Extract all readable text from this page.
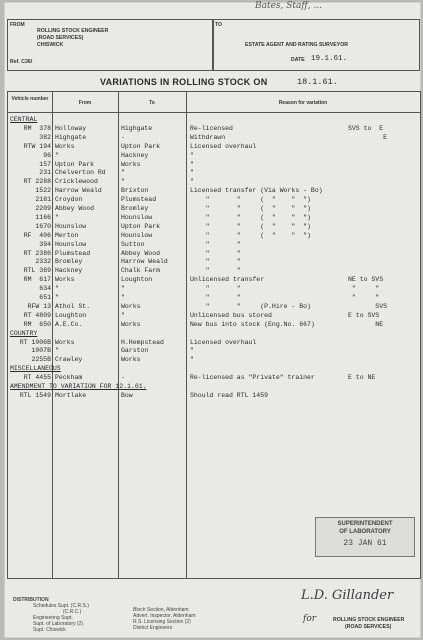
Bates, Staff, ...
FROM
ROLLING STOCK ENGINEER
(ROAD SERVICES)
CHISWICK
Ref. C36/
TO
ESTATE AGENT AND RATING SURVEYOR
DATE 19.1.61.
VARIATIONS IN ROLLING STOCK ON	18.1.61.
Vehicle number
From	To	Reason for variation
CENTRAL
RM  378 Holloway	Highgate	Re-licensed	SVS to  E
382 Highgate	-	Withdrawn	E
RTW 194 Works	Upton Park	Licensed overhaul
96 "	Hackney	"
157 Upton Park	Works	"
231 Chelverton Rd "	"
RT 2288 Cricklewood	"	"
1522 Harrow Weald	Brixton	Licensed transfer (Via Works - Bo)
2181 Croydon	Plumstead	"       "     (  "    "  ")
2209 Abbey Wood	Bromley	"       "     (  "    "  ")
1166 "	Hounslow	"       "     (  "    "  ")
1670 Hounslow	Upton Park	"       "     (  "    "  ")
RF  406 Merton	Hounslow	"       "     (  "    "  ")
394 Hounslow	Sutton	"       "
RT 2386 Plumstead	Abbey Wood	"       "
2332 Bromley	Harrow Weald	"       "
RTL 369 Hackney	Chalk Farm	"       "
RM  617 Works	Loughton	Unlicensed transfer	NE to SVS
634 "	"	"       "	"     "
651 "	"	"       "	"     "
RFW 13 Athol St.	Works	"       "     (P.Hire - Bo)	SVS
RT 4809 Loughton	"	Unlicensed bus stored	E to SVS
RM  650 A.E.Co.	Works	New bus into stock (Eng.No. 667)	NE
COUNTRY
RT 1006B Works	H.Hempstead	Licensed overhaul
1007B "	Garston	"
2255B Crawley	Works	"
MISCELLANEOUS
RT 4455 Peckham	-	Re-licensed as "Private" trainer	E to NE
AMENDMENT TO VARIATION FOR 12.1.61.
RTL 1549 Mortlake	Bow	Should read RTL 1459
SUPERINTENDENT
OF LABORATORY
23 JAN 61
DISTRIBUTION
Schedules Supt. (C.R.S.)
(C.R.C.)
Engineering Supt.
Supt. of Laboratory (2)
Supt. Chiswick
Bloch Section, Aldenham
Advert. Inspector, Aldenham
R.S. Licensing Section (2)
District Engineers
L.D. Gillander
for	ROLLING STOCK ENGINEER
(ROAD SERVICES)
